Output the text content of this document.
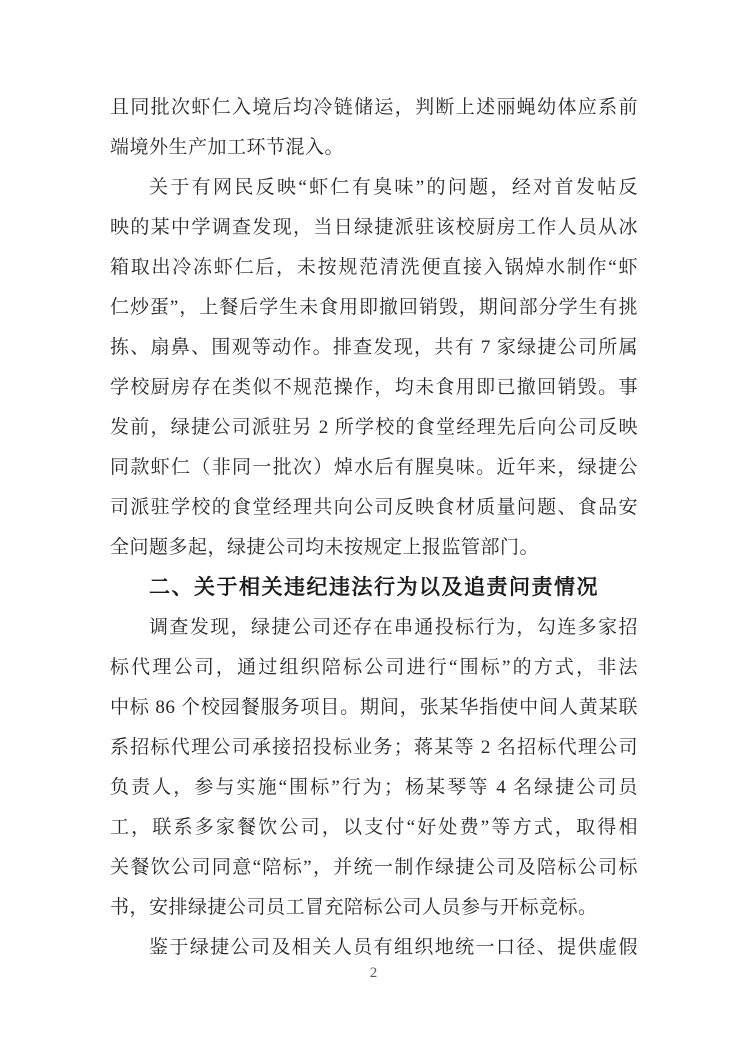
且同批次虾仁入境后均冷链储运，判断上述丽蝇幼体应系前
端境外生产加工环节混入。
关于有网民反映“虾仁有臭味”的问题，经对首发帖反
映的某中学调查发现，当日绿捷派驻该校厨房工作人员从冰
箱取出冷冻虾仁后，未按规范清洗便直接入锅焯水制作“虾
仁炒蛋”，上餐后学生未食用即撤回销毁，期间部分学生有挑
拣、扇鼻、围观等动作。排查发现，共有 7 家绿捷公司所属
学校厨房存在类似不规范操作，均未食用即已撤回销毁。事
发前，绿捷公司派驻另 2 所学校的食堂经理先后向公司反映
同款虾仁（非同一批次）焯水后有腥臭味。近年来，绿捷公
司派驻学校的食堂经理共向公司反映食材质量问题、食品安
全问题多起，绿捷公司均未按规定上报监管部门。
二、关于相关违纪违法行为以及追责问责情况
调查发现，绿捷公司还存在串通投标行为，勾连多家招
标代理公司，通过组织陪标公司进行“围标”的方式，非法
中标 86 个校园餐服务项目。期间，张某华指使中间人黄某联
系招标代理公司承接招投标业务；蒋某等 2 名招标代理公司
负责人，参与实施“围标”行为；杨某琴等 4 名绿捷公司员
工，联系多家餐饮公司，以支付“好处费”等方式，取得相
关餐饮公司同意“陪标”，并统一制作绿捷公司及陪标公司标
书，安排绿捷公司员工冒充陪标公司人员参与开标竞标。
鉴于绿捷公司及相关人员有组织地统一口径、提供虚假
2
